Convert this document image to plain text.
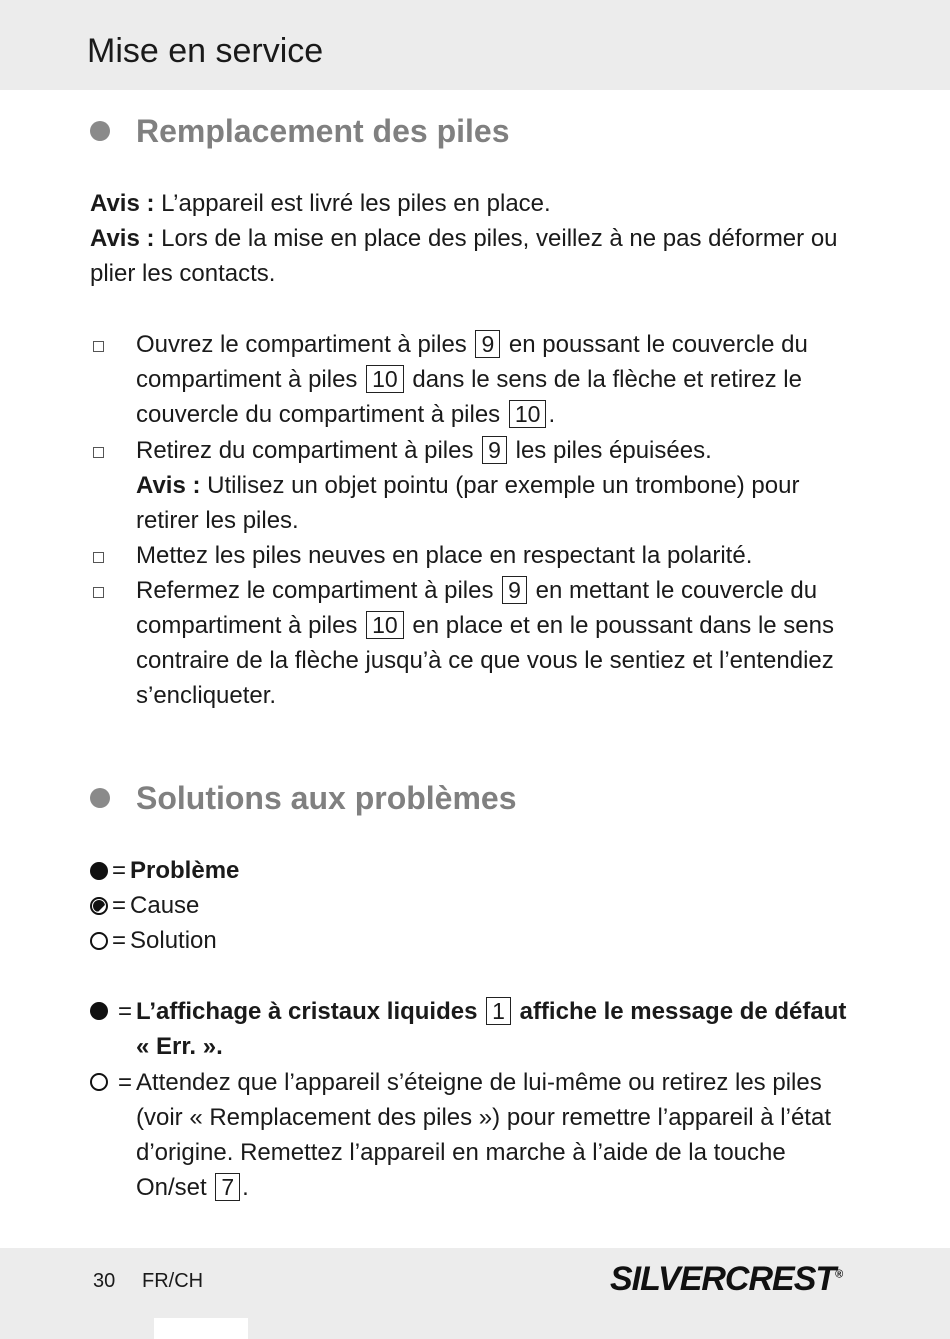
Mise en service
Remplacement des piles

Avis : L’appareil est livré les piles en place.
Avis : Lors de la mise en place des piles, veillez à ne pas déformer ou plier les contacts.

Ouvrez le compartiment à piles 9 en poussant le couvercle du compartiment à piles 10 dans le sens de la flèche et retirez le couvercle du compartiment à piles 10 .
Retirez du compartiment à piles 9 les piles épuisées.
Avis : Utilisez un objet pointu (par exemple un trombone) pour retirer les piles.
Mettez les piles neuves en place en respectant la polarité.
Refermez le compartiment à piles 9 en mettant le couvercle du compartiment à piles 10 en place et en le poussant dans le sens contraire de la flèche jusqu’à ce que vous le sentiez et l’entendiez s’encliqueter.
Solutions aux problèmes
= Problème
= Cause
= Solution
= L’affichage à cristaux liquides 1 affiche le message de défaut « Err. ».
= Attendez que l’appareil s’éteigne de lui-même ou retirez les piles (voir « Remplacement des piles ») pour remettre l’appareil à l’état d’origine. Remettez l’appareil en marche à l’aide de la touche On/set 7 .
30 FR/CH	SILVERCREST®
